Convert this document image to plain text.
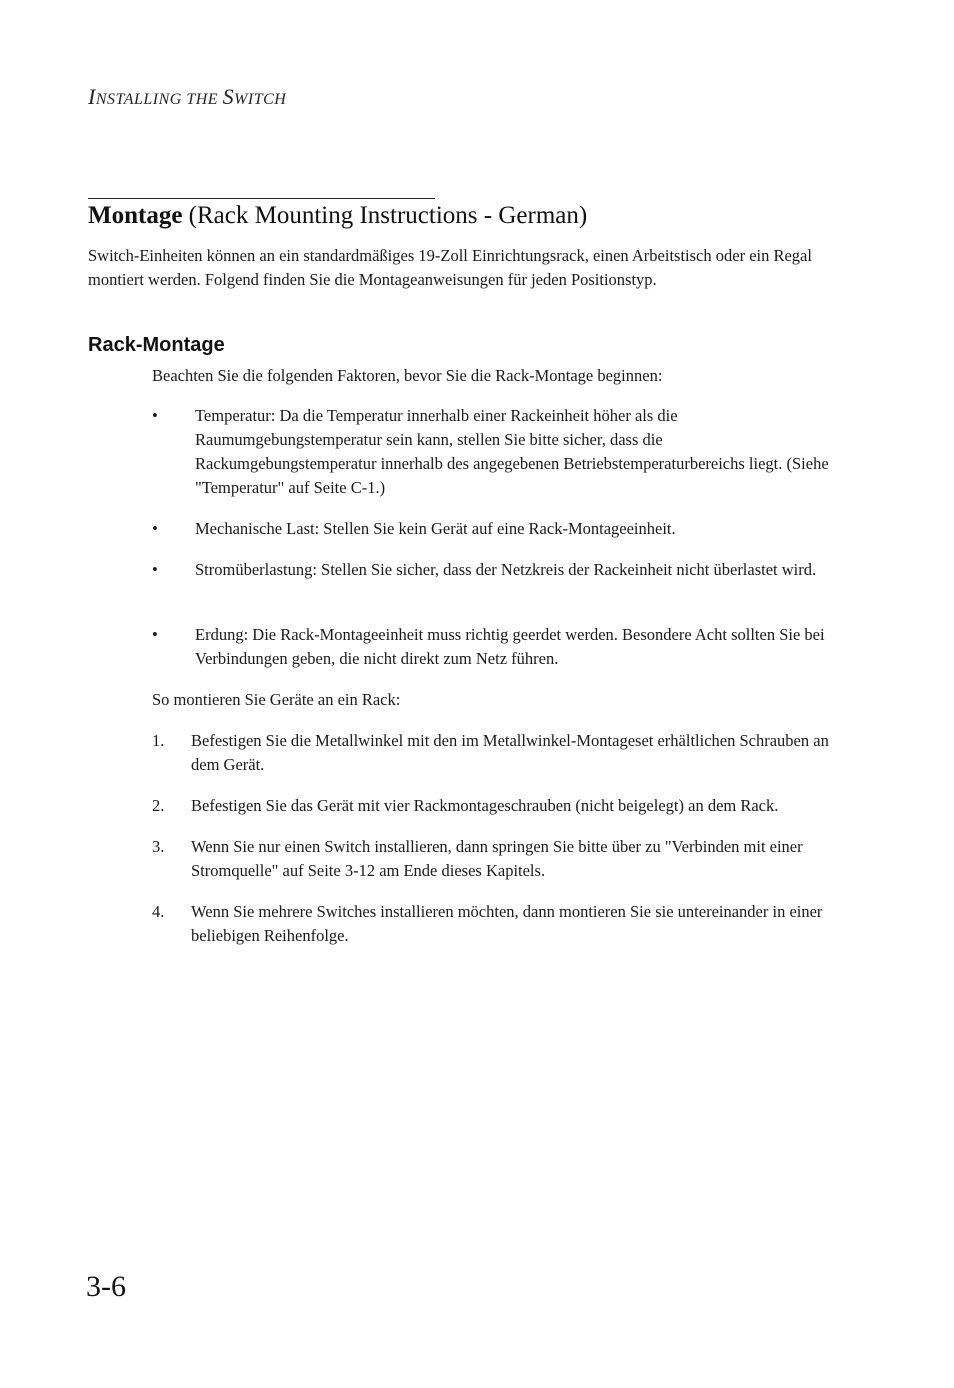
INSTALLING THE SWITCH
Montage (Rack Mounting Instructions - German)

Switch-Einheiten können an ein standardmäßiges 19-Zoll Einrichtungsrack, einen Arbeitstisch oder ein Regal montiert werden. Folgend finden Sie die Montageanweisungen für jeden Positionstyp.

Rack-Montage

Beachten Sie die folgenden Faktoren, bevor Sie die Rack-Montage beginnen:

• Temperatur: Da die Temperatur innerhalb einer Rackeinheit höher als die Raumumgebungstemperatur sein kann, stellen Sie bitte sicher, dass die Rackumgebungstemperatur innerhalb des angegebenen Betriebstemperaturbereichs liegt. (Siehe "Temperatur" auf Seite C-1.)
• Mechanische Last: Stellen Sie kein Gerät auf eine Rack-Montageeinheit.
• Stromüberlastung: Stellen Sie sicher, dass der Netzkreis der Rackeinheit nicht überlastet wird.
• Erdung: Die Rack-Montageeinheit muss richtig geerdet werden. Besondere Acht sollten Sie bei Verbindungen geben, die nicht direkt zum Netz führen.

So montieren Sie Geräte an ein Rack:

1. Befestigen Sie die Metallwinkel mit den im Metallwinkel-Montageset erhältlichen Schrauben an dem Gerät.
2. Befestigen Sie das Gerät mit vier Rackmontageschrauben (nicht beigelegt) an dem Rack.
3. Wenn Sie nur einen Switch installieren, dann springen Sie bitte über zu "Verbinden mit einer Stromquelle" auf Seite 3-12 am Ende dieses Kapitels.
4. Wenn Sie mehrere Switches installieren möchten, dann montieren Sie sie untereinander in einer beliebigen Reihenfolge.
3-6
